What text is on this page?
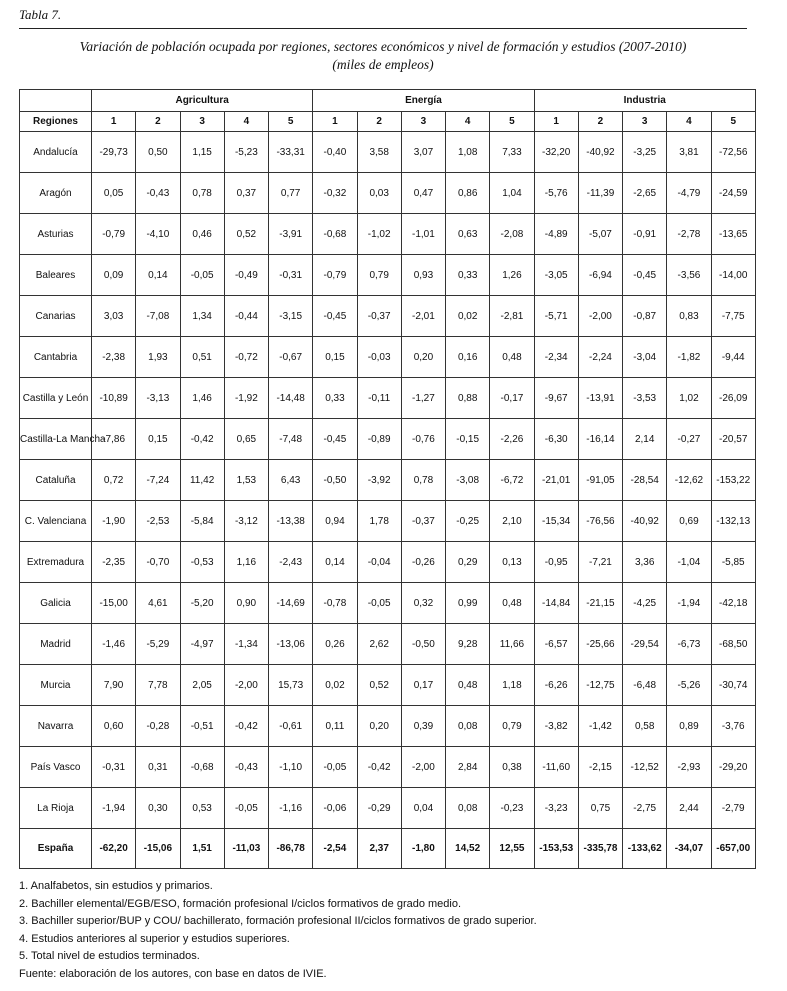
Tabla 7.
Variación de población ocupada por regiones, sectores económicos y nivel de formación y estudios (2007-2010)
(miles de empleos)
	Agricultura					Energía					Industria				
Regiones	1	2	3	4	5	1	2	3	4	5	1	2	3	4	5
Andalucía	-29,73	0,50	1,15	-5,23	-33,31	-0,40	3,58	3,07	1,08	7,33	-32,20	-40,92	-3,25	3,81	-72,56
Aragón	0,05	-0,43	0,78	0,37	0,77	-0,32	0,03	0,47	0,86	1,04	-5,76	-11,39	-2,65	-4,79	-24,59
Asturias	-0,79	-4,10	0,46	0,52	-3,91	-0,68	-1,02	-1,01	0,63	-2,08	-4,89	-5,07	-0,91	-2,78	-13,65
Baleares	0,09	0,14	-0,05	-0,49	-0,31	-0,79	0,79	0,93	0,33	1,26	-3,05	-6,94	-0,45	-3,56	-14,00
Canarias	3,03	-7,08	1,34	-0,44	-3,15	-0,45	-0,37	-2,01	0,02	-2,81	-5,71	-2,00	-0,87	0,83	-7,75
Cantabria	-2,38	1,93	0,51	-0,72	-0,67	0,15	-0,03	0,20	0,16	0,48	-2,34	-2,24	-3,04	-1,82	-9,44
Castilla y León	-10,89	-3,13	1,46	-1,92	-14,48	0,33	-0,11	-1,27	0,88	-0,17	-9,67	-13,91	-3,53	1,02	-26,09
Castilla-La Mancha	-7,86	0,15	-0,42	0,65	-7,48	-0,45	-0,89	-0,76	-0,15	-2,26	-6,30	-16,14	2,14	-0,27	-20,57
Cataluña	0,72	-7,24	11,42	1,53	6,43	-0,50	-3,92	0,78	-3,08	-6,72	-21,01	-91,05	-28,54	-12,62	-153,22
C. Valenciana	-1,90	-2,53	-5,84	-3,12	-13,38	0,94	1,78	-0,37	-0,25	2,10	-15,34	-76,56	-40,92	0,69	-132,13
Extremadura	-2,35	-0,70	-0,53	1,16	-2,43	0,14	-0,04	-0,26	0,29	0,13	-0,95	-7,21	3,36	-1,04	-5,85
Galicia	-15,00	4,61	-5,20	0,90	-14,69	-0,78	-0,05	0,32	0,99	0,48	-14,84	-21,15	-4,25	-1,94	-42,18
Madrid	-1,46	-5,29	-4,97	-1,34	-13,06	0,26	2,62	-0,50	9,28	11,66	-6,57	-25,66	-29,54	-6,73	-68,50
Murcia	7,90	7,78	2,05	-2,00	15,73	0,02	0,52	0,17	0,48	1,18	-6,26	-12,75	-6,48	-5,26	-30,74
Navarra	0,60	-0,28	-0,51	-0,42	-0,61	0,11	0,20	0,39	0,08	0,79	-3,82	-1,42	0,58	0,89	-3,76
País Vasco	-0,31	0,31	-0,68	-0,43	-1,10	-0,05	-0,42	-2,00	2,84	0,38	-11,60	-2,15	-12,52	-2,93	-29,20
La Rioja	-1,94	0,30	0,53	-0,05	-1,16	-0,06	-0,29	0,04	0,08	-0,23	-3,23	0,75	-2,75	2,44	-2,79
España	-62,20	-15,06	1,51	-11,03	-86,78	-2,54	2,37	-1,80	14,52	12,55	-153,53	-335,78	-133,62	-34,07	-657,00
1. Analfabetos, sin estudios y primarios.
2. Bachiller elemental/EGB/ESO, formación profesional I/ciclos formativos de grado medio.
3. Bachiller superior/BUP y COU/ bachillerato, formación profesional II/ciclos formativos de grado superior.
4. Estudios anteriores al superior y estudios superiores.
5. Total nivel de estudios terminados.
Fuente: elaboración de los autores, con base en datos de IVIE.
